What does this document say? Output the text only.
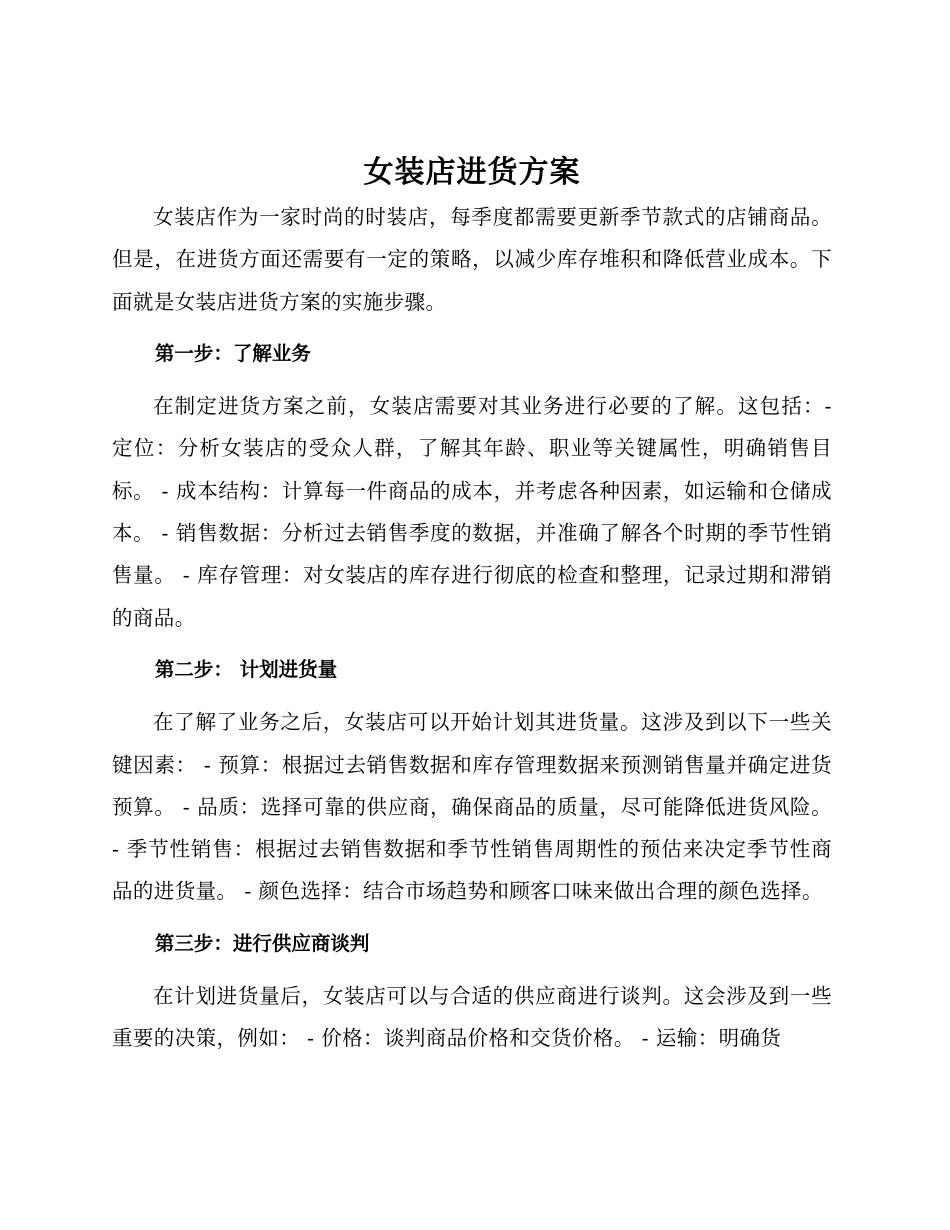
女装店进货方案

女装店作为一家时尚的时装店，每季度都需要更新季节款式的店铺商品。但是，在进货方面还需要有一定的策略，以减少库存堆积和降低营业成本。下面就是女装店进货方案的实施步骤。

第一步：了解业务

在制定进货方案之前，女装店需要对其业务进行必要的了解。这包括：- 定位：分析女装店的受众人群，了解其年龄、职业等关键属性，明确销售目标。 - 成本结构：计算每一件商品的成本，并考虑各种因素，如运输和仓储成本。 - 销售数据：分析过去销售季度的数据，并准确了解各个时期的季节性销售量。 - 库存管理：对女装店的库存进行彻底的检查和整理，记录过期和滞销的商品。

第二步： 计划进货量

在了解了业务之后，女装店可以开始计划其进货量。这涉及到以下一些关键因素： - 预算：根据过去销售数据和库存管理数据来预测销售量并确定进货预算。 - 品质：选择可靠的供应商，确保商品的质量，尽可能降低进货风险。 - 季节性销售：根据过去销售数据和季节性销售周期性的预估来决定季节性商品的进货量。 - 颜色选择：结合市场趋势和顾客口味来做出合理的颜色选择。

第三步：进行供应商谈判

在计划进货量后，女装店可以与合适的供应商进行谈判。这会涉及到一些重要的决策，例如： - 价格：谈判商品价格和交货价格。 - 运输：明确货
